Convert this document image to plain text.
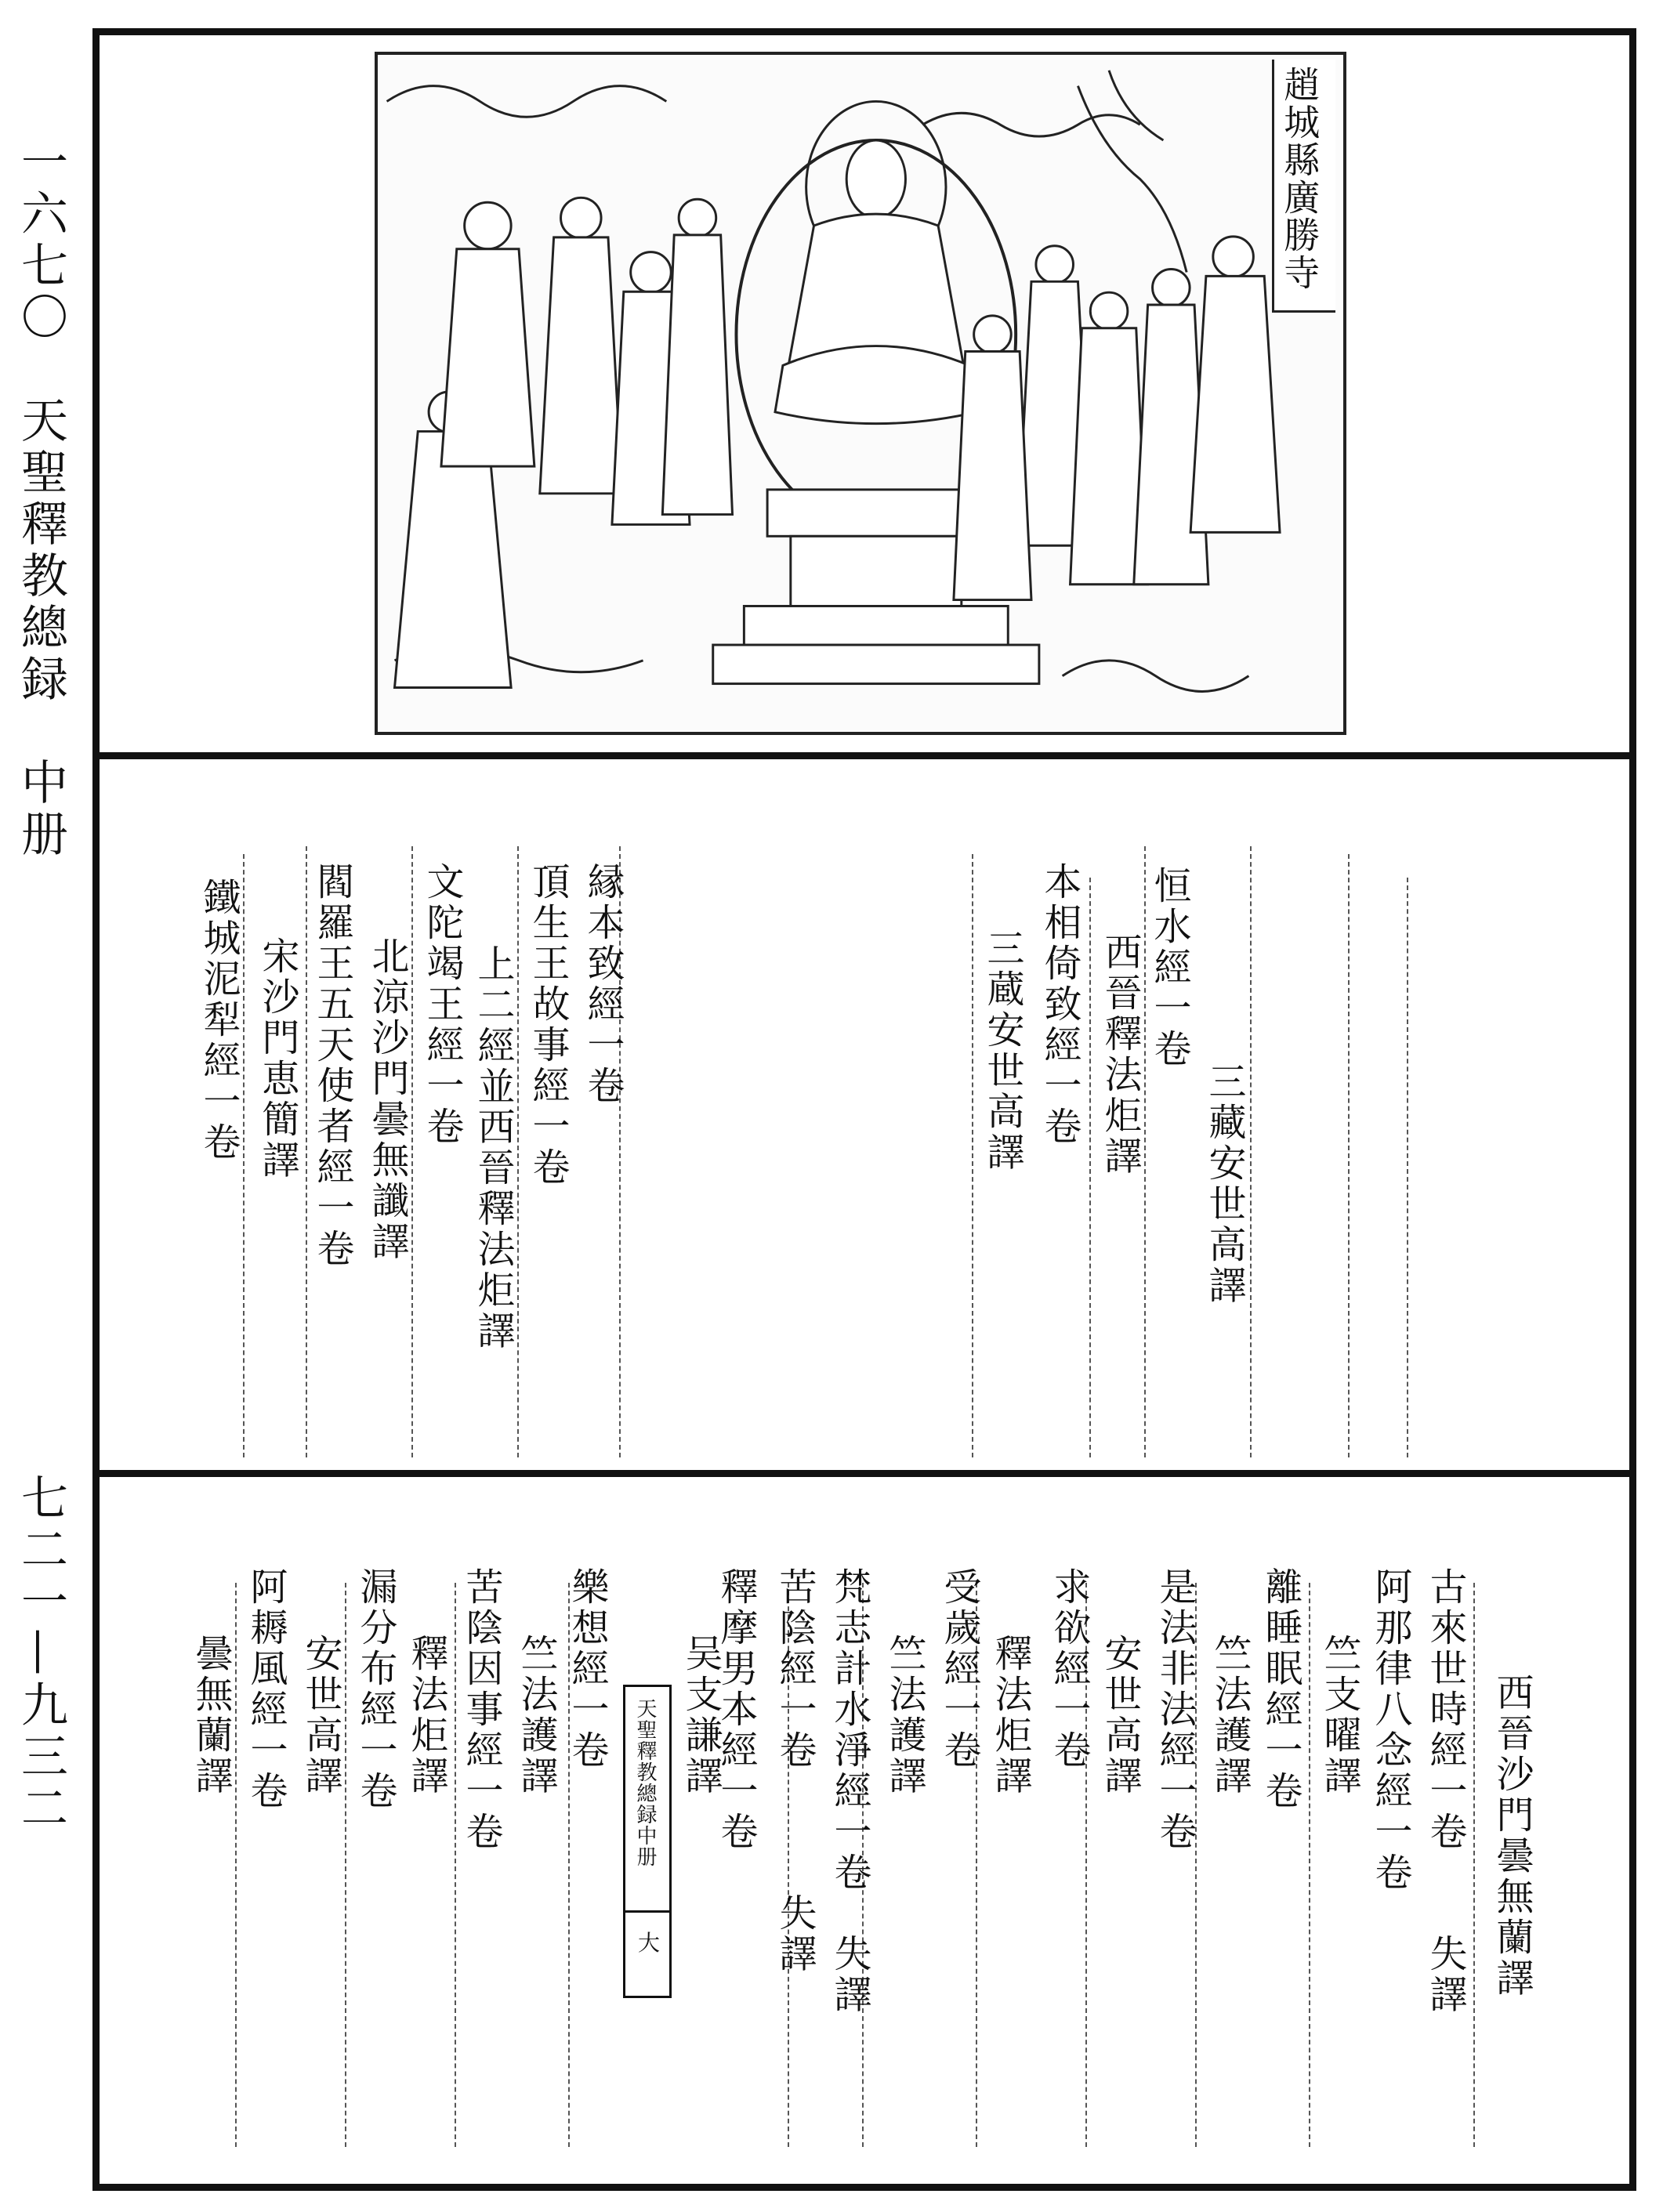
一六七〇　天聖釋教總録　中册
七二一—九三二
趙城縣廣勝寺
恒水經一卷
西晉釋法炬譯
三藏安世高譯
本相倚致經一卷
三蔵安世高譯
縁本致經一卷
頂生王故事經一卷
上二經並西晉釋法炬譯
文陀竭王經一卷
北涼沙門曇無讖譯
閻羅王五天使者經一卷
宋沙門恵簡譯
鐵城泥犁經一卷
西晉沙門曇無蘭譯
古來世時經一卷　　失譯
阿那律八念經一卷
竺支曜譯
離睡眠經一卷
竺法護譯
是法非法經一卷
安世高譯
求欲經一卷
釋法炬譯
受歲經一卷
竺法護譯
梵志計水淨經一卷　失譯
苦陰經一卷　　　失譯
釋摩男本經一卷
吴支謙譯
樂想經一卷
竺法護譯
苦陰因事經一卷
釋法炬譯
漏分布經一卷
安世高譯
阿耨風經一卷
曇無蘭譯	天聖釋教總録中册
大
